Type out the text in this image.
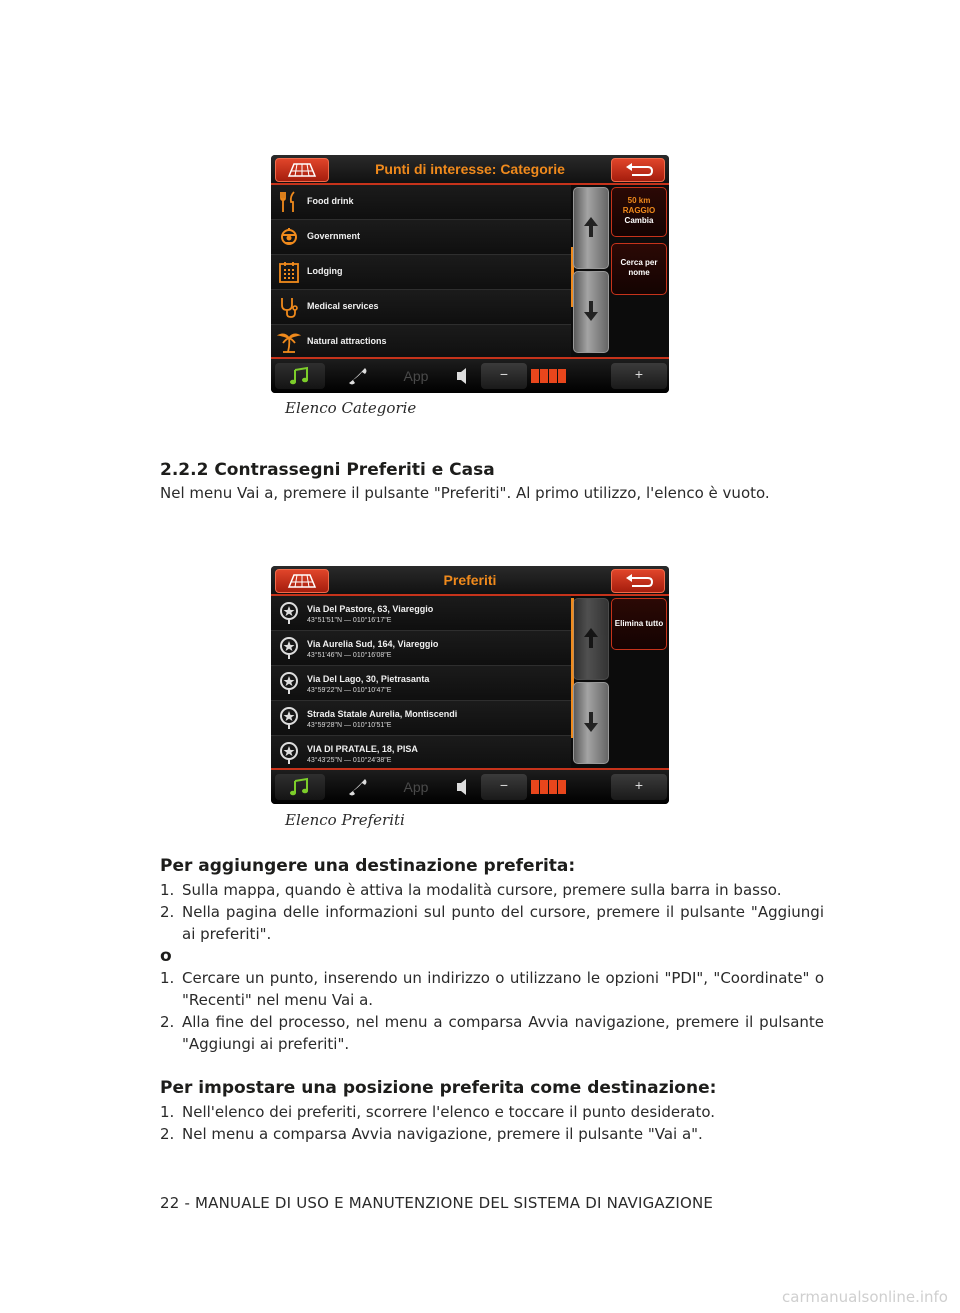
Punti di interesse: Categorie
Food drink
Government
Lodging
Medical services
Natural attractions
50 km
RAGGIO
Cambia
Cerca per
nome
App	−	+
Elenco Categorie
2.2.2 Contrassegni Preferiti e Casa
Nel menu Vai a, premere il pulsante "Preferiti". Al primo utilizzo, l'elenco è vuoto.
Preferiti
Via Del Pastore, 63, Viareggio
43°51'51"N — 010°16'17"E
Via Aurelia Sud, 164, Viareggio
43°51'46"N — 010°16'08"E
Via Del Lago, 30, Pietrasanta
43°59'22"N — 010°10'47"E
Strada Statale Aurelia, Montiscendi
43°59'28"N — 010°10'51"E
VIA DI PRATALE, 18, PISA
43°43'25"N — 010°24'38"E
Elimina tutto
App	−	+
Elenco Preferiti
Per aggiungere una destinazione preferita:
1. Sulla mappa, quando è attiva la modalità cursore, premere sulla barra in basso.
2. Nella pagina delle informazioni sul punto del cursore, premere il pulsante "Aggiungi ai preferiti".
o
1. Cercare un punto, inserendo un indirizzo o utilizzano le opzioni "PDI", "Coordinate" o "Recenti" nel menu Vai a.
2. Alla fine del processo, nel menu a comparsa Avvia navigazione, premere il pulsante "Aggiungi ai preferiti".
Per impostare una posizione preferita come destinazione:
1. Nell'elenco dei preferiti, scorrere l'elenco e toccare il punto desiderato.
2. Nel menu a comparsa Avvia navigazione, premere il pulsante "Vai a".
22 - MANUALE DI USO E MANUTENZIONE DEL SISTEMA DI NAVIGAZIONE
carmanualsonline.info
